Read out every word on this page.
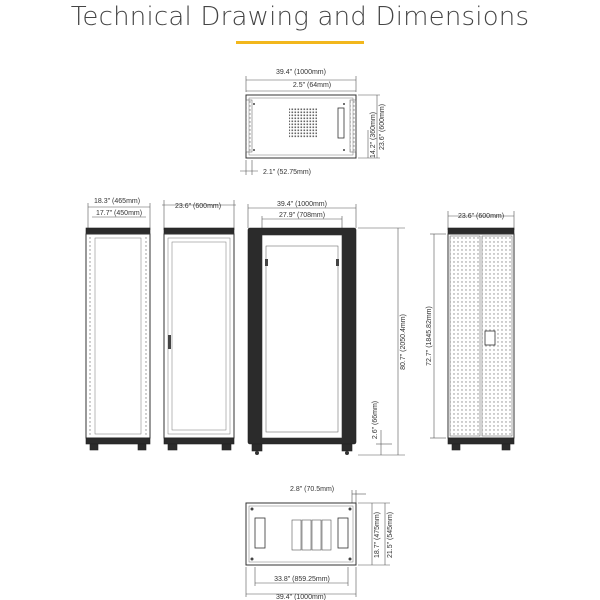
Technical Drawing and Dimensions
39.4" (1000mm)
2.5" (64mm)
14.2" (360mm) 23.6" (600mm)
2.1" (52.75mm)
18.3" (465mm)
17.7" (450mm)
23.6" (600mm)	39.4" (1000mm)
27.9" (708mm)
80.7" (2050.4mm)
2.6" (66mm)
23.6" (600mm)
72.7" (1845.82mm)
2.8" (70.5mm)
18.7" (475mm) 21.5" (545mm)
33.8" (859.25mm)
39.4" (1000mm)
